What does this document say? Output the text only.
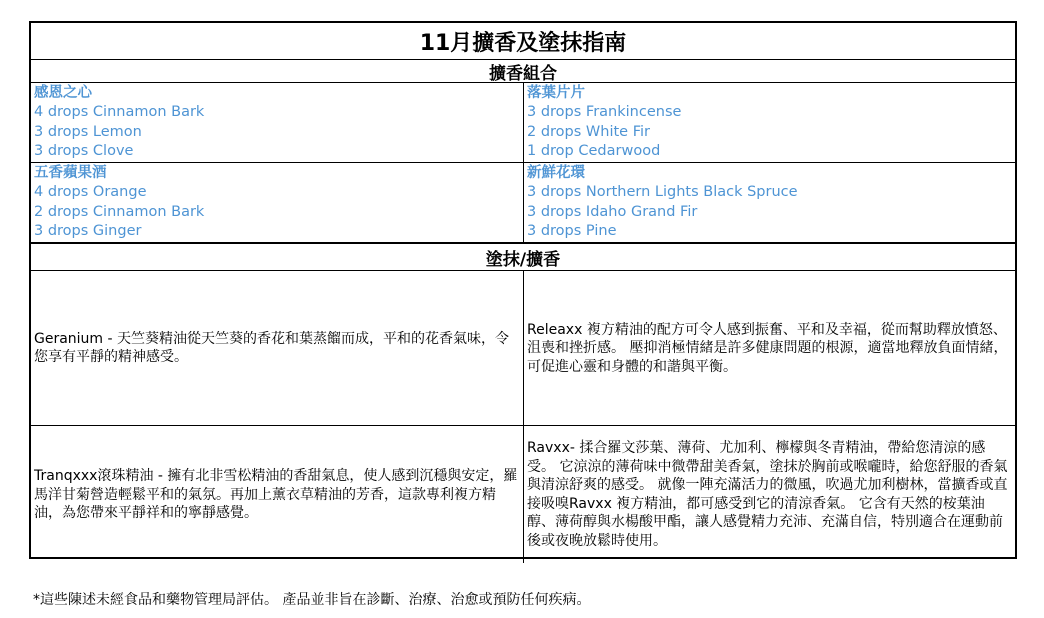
11月擴香及塗抹指南
擴香組合
感恩之心
4 drops Cinnamon Bark
3 drops Lemon
3 drops Clove
落葉片片
3 drops Frankincense
2 drops White Fir
1 drop Cedarwood
五香蘋果酒
4 drops Orange
2 drops Cinnamon Bark
3 drops Ginger
新鮮花環
3 drops Northern Lights Black Spruce
3 drops Idaho Grand Fir
3 drops Pine
塗抹/擴香
Geranium - 天竺葵精油從天竺葵的香花和葉蒸餾而成，平和的花香氣味，令您享有平靜的精神感受。
Releaxx 複方精油的配方可令人感到振奮、平和及幸福，從而幫助釋放憤怒、沮喪和挫折感。 壓抑消極情緒是許多健康問題的根源，適當地釋放負面情緒，可促進心靈和身體的和諧與平衡。
Tranqxxx滾珠精油 - 擁有北非雪松精油的香甜氣息，使人感到沉穩與安定，羅馬洋甘菊營造輕鬆平和的氣氛。再加上薰衣草精油的芳香，這款專利複方精油，為您帶來平靜祥和的寧靜感覺。
Ravxx- 揉合羅文莎葉、薄荷、尤加利、檸檬與冬青精油，帶給您清涼的感受。 它涼涼的薄荷味中微帶甜美香氣，塗抹於胸前或喉嚨時，給您舒服的香氣與清涼舒爽的感受。 就像一陣充滿活力的微風，吹過尤加利樹林，當擴香或直接吸嗅Ravxx 複方精油，都可感受到它的清涼香氣。 它含有天然的桉葉油醇、薄荷醇與水楊酸甲酯，讓人感覺精力充沛、充滿自信，特別適合在運動前後或夜晚放鬆時使用。
*這些陳述未經食品和藥物管理局評估。 產品並非旨在診斷、治療、治愈或預防任何疾病。
